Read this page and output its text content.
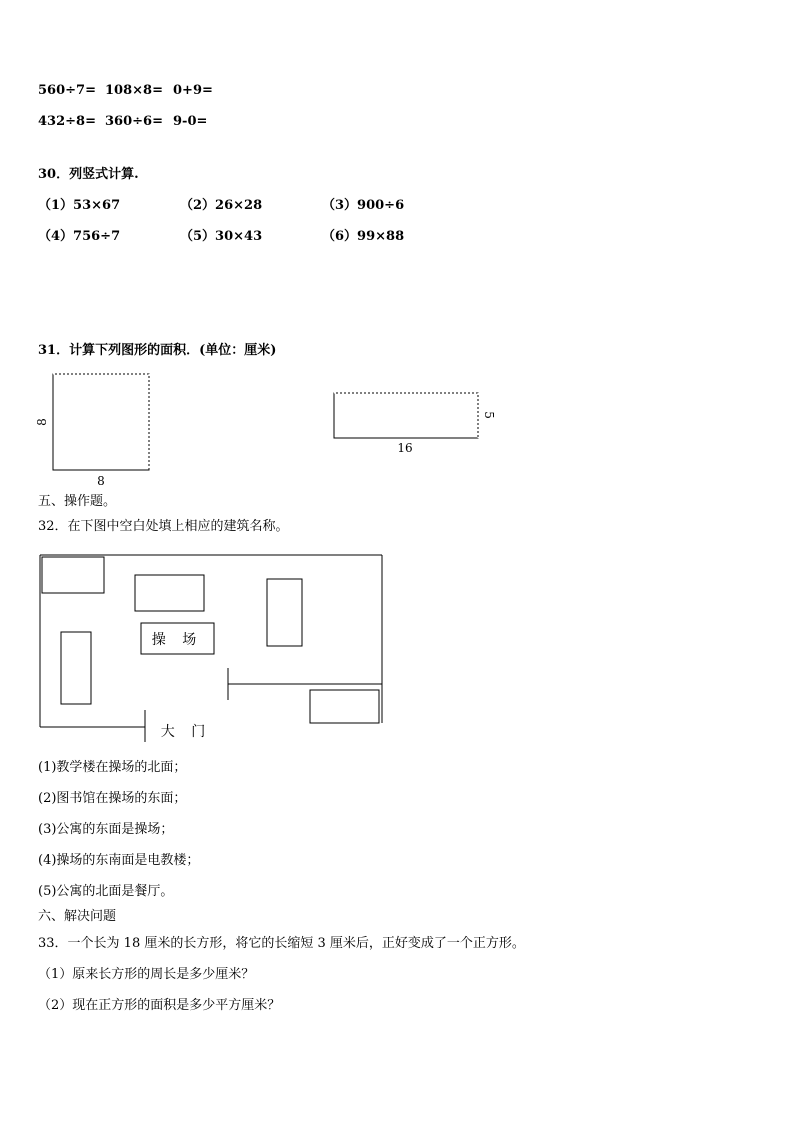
560÷7= 108×8= 0+9=
432÷8= 360÷6= 9-0=
30．列竖式计算.
（1）53×67	（2）26×28	（3）900÷6
（4）756÷7	（5）30×43	（6）99×88
31．计算下列图形的面积．(单位：厘米)
8
8
16
5
五、操作题。
32．在下图中空白处填上相应的建筑名称。
操 场
大 门
(1)教学楼在操场的北面；
(2)图书馆在操场的东面；
(3)公寓的东面是操场；
(4)操场的东南面是电教楼；
(5)公寓的北面是餐厅。
六、解决问题
33．一个长为 18 厘米的长方形，将它的长缩短 3 厘米后，正好变成了一个正方形。
（1）原来长方形的周长是多少厘米？
（2）现在正方形的面积是多少平方厘米？
